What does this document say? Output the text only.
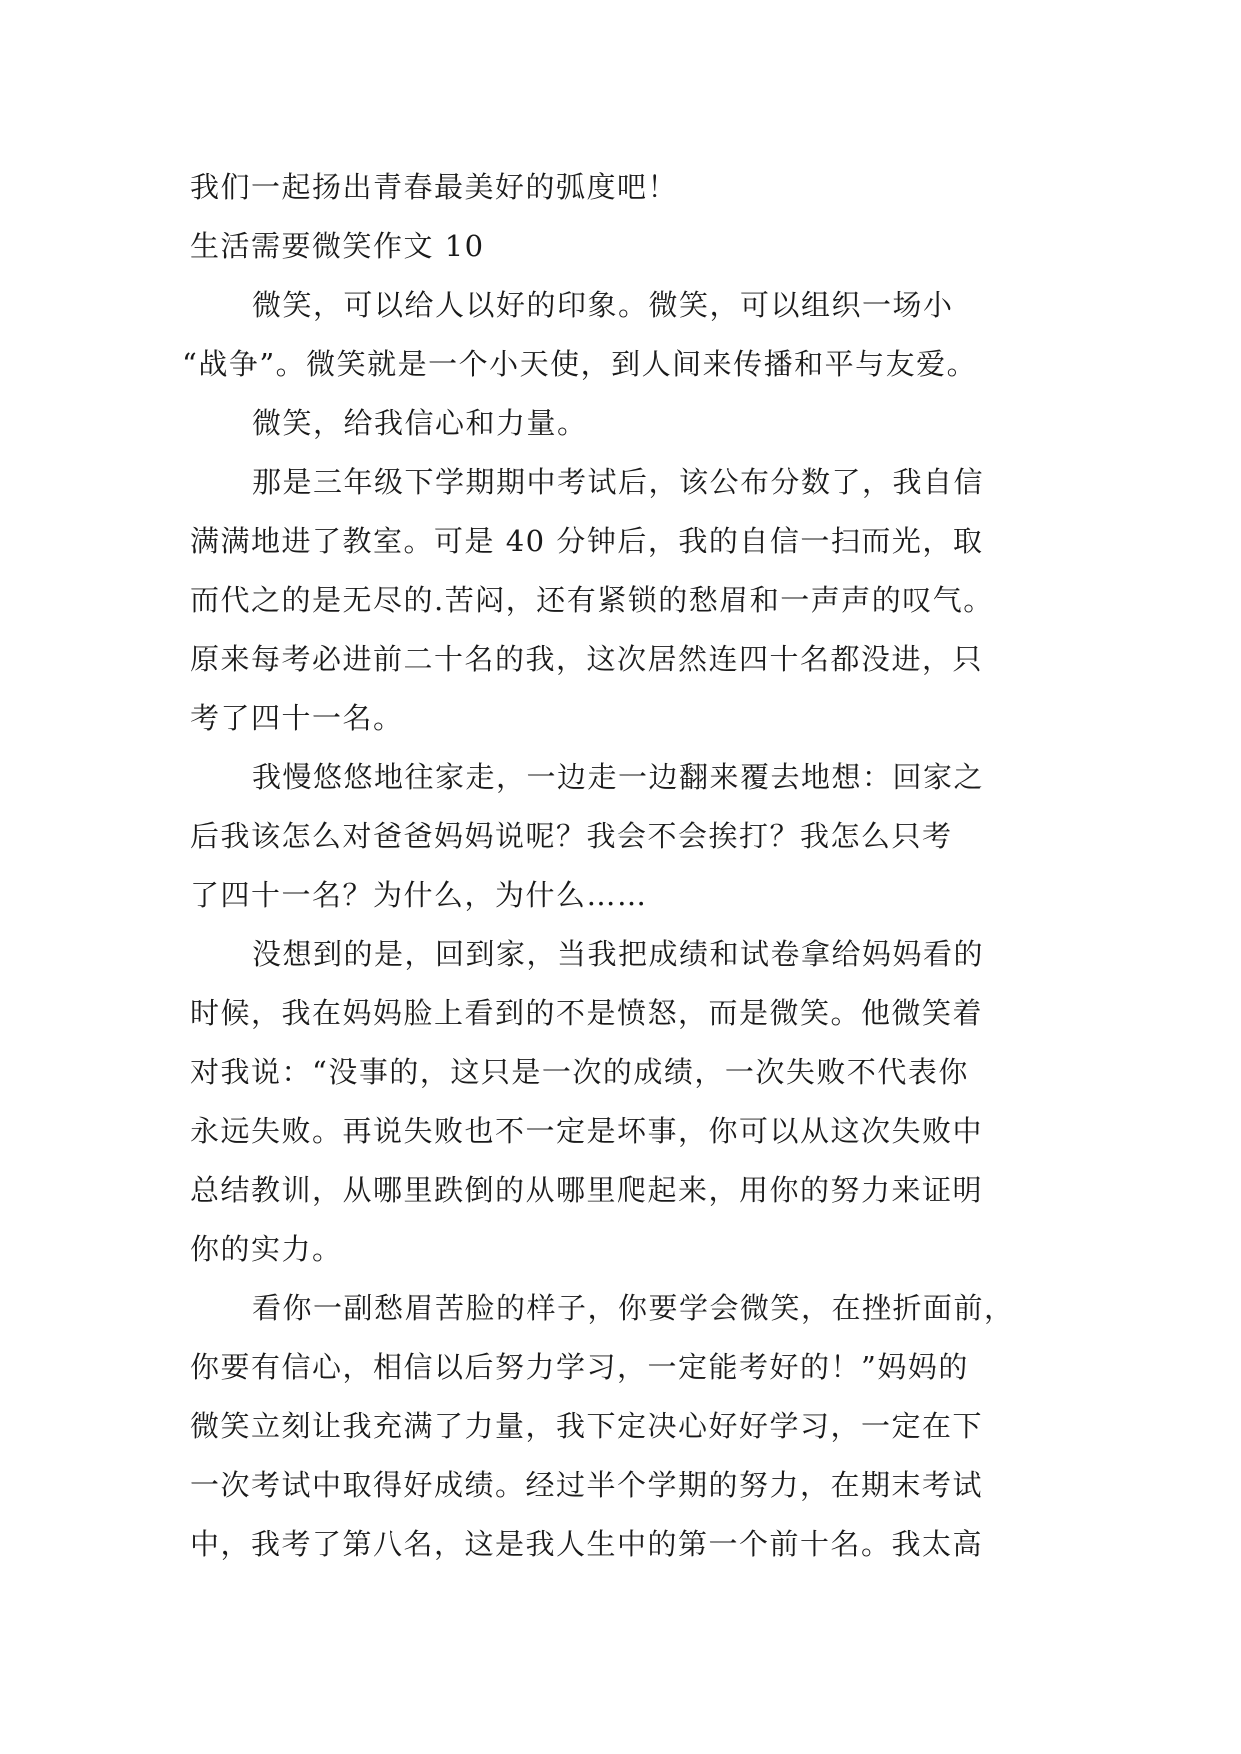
我们一起扬出青春最美好的弧度吧！
生活需要微笑作文 10
微笑，可以给人以好的印象。微笑，可以组织一场小
“战争”。微笑就是一个小天使，到人间来传播和平与友爱。
微笑，给我信心和力量。
那是三年级下学期期中考试后，该公布分数了，我自信
满满地进了教室。可是 40 分钟后，我的自信一扫而光，取
而代之的是无尽的.苦闷，还有紧锁的愁眉和一声声的叹气。
原来每考必进前二十名的我，这次居然连四十名都没进，只
考了四十一名。
我慢悠悠地往家走，一边走一边翻来覆去地想：回家之
后我该怎么对爸爸妈妈说呢？我会不会挨打？我怎么只考
了四十一名？为什么，为什么……
没想到的是，回到家，当我把成绩和试卷拿给妈妈看的
时候，我在妈妈脸上看到的不是愤怒，而是微笑。他微笑着
对我说：“没事的，这只是一次的成绩，一次失败不代表你
永远失败。再说失败也不一定是坏事，你可以从这次失败中
总结教训，从哪里跌倒的从哪里爬起来，用你的努力来证明
你的实力。
看你一副愁眉苦脸的样子，你要学会微笑，在挫折面前，
你要有信心，相信以后努力学习，一定能考好的！”妈妈的
微笑立刻让我充满了力量，我下定决心好好学习，一定在下
一次考试中取得好成绩。经过半个学期的努力，在期末考试
中，我考了第八名，这是我人生中的第一个前十名。我太高
